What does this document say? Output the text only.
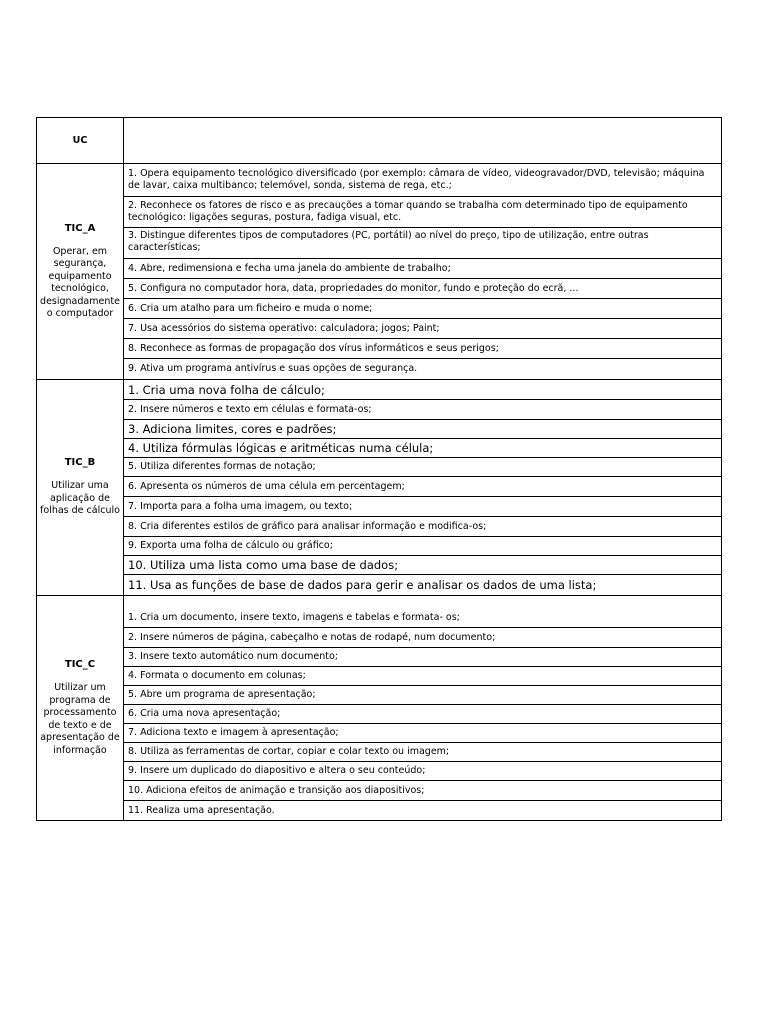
UC
TIC_A
Operar, em segurança, equipamento tecnológico, designadamente o computador
1. Opera equipamento tecnológico diversificado (por exemplo: câmara de vídeo, videogravador/DVD, televisão; máquina de lavar, caixa multibanco; telemóvel, sonda, sistema de rega, etc.;
2. Reconhece os fatores de risco e as precauções a tomar quando se trabalha com determinado tipo de equipamento tecnológico: ligações seguras, postura, fadiga visual, etc.
3. Distingue diferentes tipos de computadores (PC, portátil) ao nível do preço, tipo de utilização, entre outras características;
4. Abre, redimensiona e fecha uma janela do ambiente de trabalho;
5. Configura no computador hora, data, propriedades do monitor, fundo e proteção do ecrã, ...
6. Cria um atalho para um ficheiro e muda o nome;
7. Usa acessórios do sistema operativo: calculadora; jogos; Paint;
8. Reconhece as formas de propagação dos vírus informáticos e seus perigos;
9. Ativa um programa antivírus e suas opções de segurança.
TIC_B
Utilizar uma aplicação de folhas de cálculo
1. Cria uma nova folha de cálculo;
2. Insere números e texto em células e formata-os;
3. Adiciona limites, cores e padrões;
4. Utiliza fórmulas lógicas e aritméticas numa célula;
5. Utiliza diferentes formas de notação;
6. Apresenta os números de uma célula em percentagem;
7. Importa para a folha uma imagem, ou texto;
8. Cria diferentes estilos de gráfico para analisar informação e modifica-os;
9. Exporta uma folha de cálculo ou gráfico;
10. Utiliza uma lista como uma base de dados;
11. Usa as funções de base de dados para gerir e analisar os dados de uma lista;
TIC_C
Utilizar um programa de processamento de texto e de apresentação de informação
1. Cria um documento, insere texto, imagens e tabelas e formata- os;
2. Insere números de página, cabeçalho e notas de rodapé, num documento;
3. Insere texto automático num documento;
4. Formata o documento em colunas;
5. Abre um programa de apresentação;
6. Cria uma nova apresentação;
7. Adiciona texto e imagem à apresentação;
8. Utiliza as ferramentas de cortar, copiar e colar texto ou imagem;
9. Insere um duplicado do diapositivo e altera o seu conteúdo;
10. Adiciona efeitos de animação e transição aos diapositivos;
11. Realiza uma apresentação.
